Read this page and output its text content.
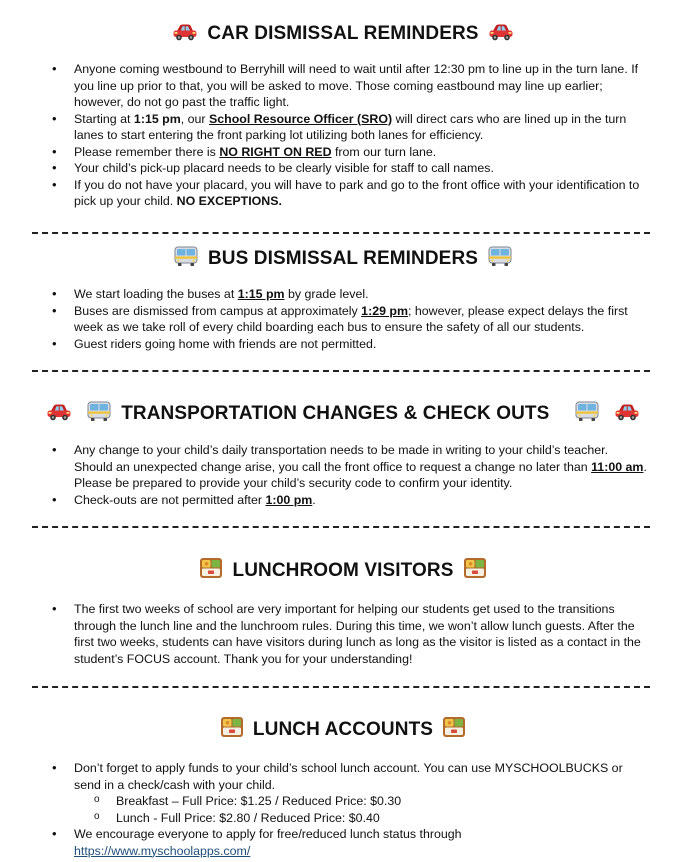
CAR DISMISSAL REMINDERS
• Anyone coming westbound to Berryhill will need to wait until after 12:30 pm to line up in the turn lane. If you line up prior to that, you will be asked to move. Those coming eastbound may line up earlier; however, do not go past the traffic light.
• Starting at 1:15 pm, our School Resource Officer (SRO) will direct cars who are lined up in the turn lanes to start entering the front parking lot utilizing both lanes for efficiency.
• Please remember there is NO RIGHT ON RED from our turn lane.
• Your child’s pick-up placard needs to be clearly visible for staff to call names.
• If you do not have your placard, you will have to park and go to the front office with your identification to pick up your child. NO EXCEPTIONS.
BUS DISMISSAL REMINDERS
• We start loading the buses at 1:15 pm by grade level.
• Buses are dismissed from campus at approximately 1:29 pm; however, please expect delays the first week as we take roll of every child boarding each bus to ensure the safety of all our students.
• Guest riders going home with friends are not permitted.
TRANSPORTATION CHANGES & CHECK OUTS
• Any change to your child’s daily transportation needs to be made in writing to your child’s teacher. Should an unexpected change arise, you call the front office to request a change no later than 11:00 am. Please be prepared to provide your child’s security code to confirm your identity.
• Check-outs are not permitted after 1:00 pm.
LUNCHROOM VISITORS
• The first two weeks of school are very important for helping our students get used to the transitions through the lunch line and the lunchroom rules. During this time, we won’t allow lunch guests. After the first two weeks, students can have visitors during lunch as long as the visitor is listed as a contact in the student’s FOCUS account. Thank you for your understanding!
LUNCH ACCOUNTS
• Don’t forget to apply funds to your child’s school lunch account. You can use MYSCHOOLBUCKS or send in a check/cash with your child.
o Breakfast – Full Price: $1.25 / Reduced Price: $0.30
o Lunch - Full Price: $2.80 / Reduced Price: $0.40
• We encourage everyone to apply for free/reduced lunch status through
https://www.myschoolapps.com/
